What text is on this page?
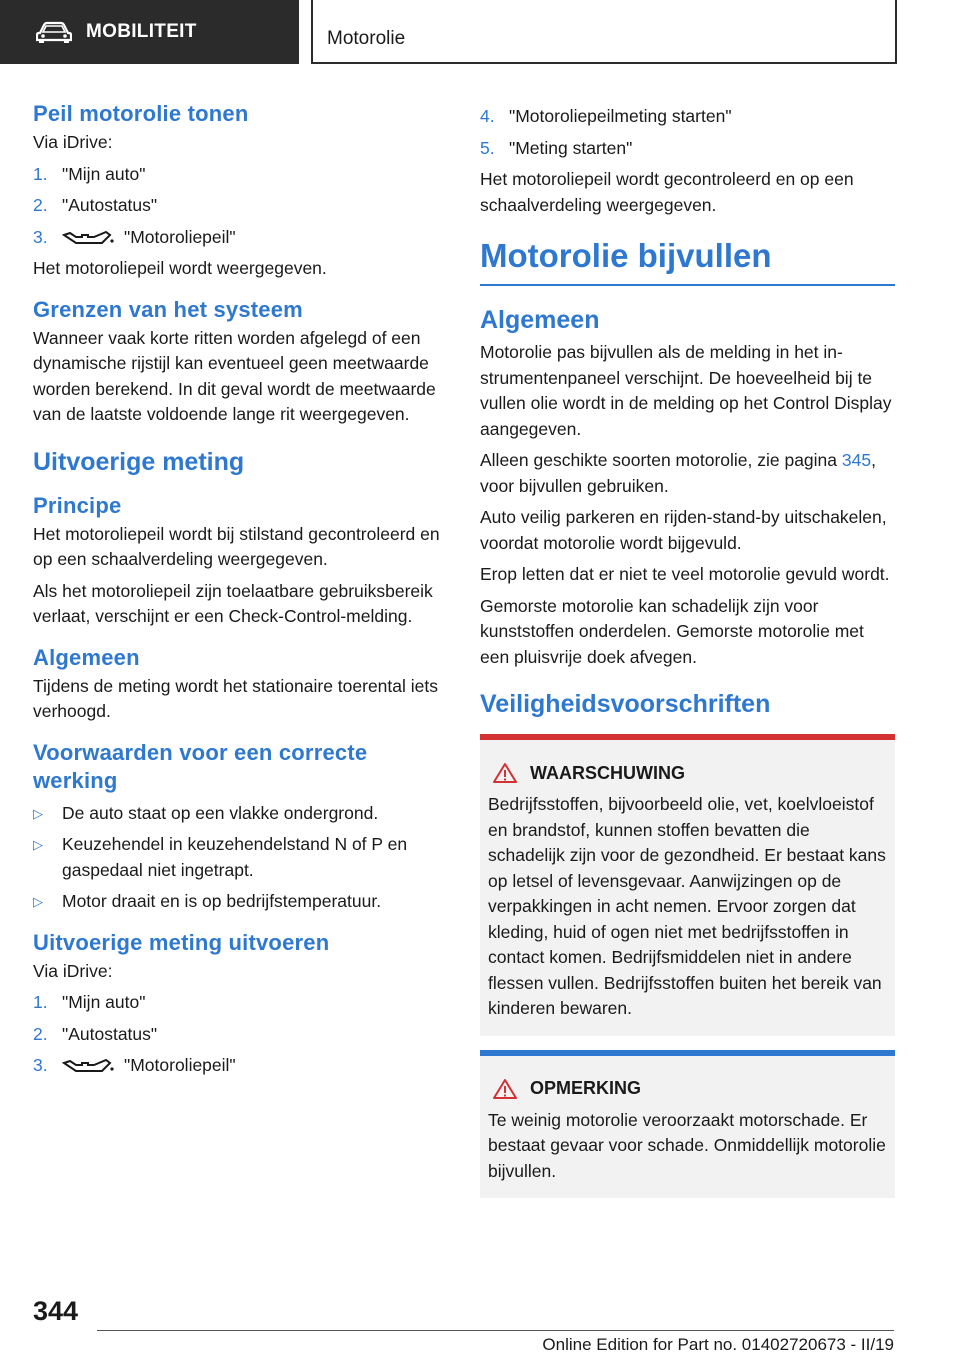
MOBILITEIT	Motorolie
Peil motorolie tonen

Via iDrive:

1. "Mijn auto"
2. "Autostatus"
3.	"Motoroliepeil"

Het motoroliepeil wordt weergegeven.

Grenzen van het systeem

Wanneer vaak korte ritten worden afgelegd of een dynamische rijstijl kan eventueel geen meetwaarde worden berekend. In dit geval wordt de meetwaarde van de laatste voldoende lange rit weergegeven.

Uitvoerige meting
Principe

Het motoroliepeil wordt bij stilstand gecontroleerd en op een schaalverdeling weergegeven.

Als het motoroliepeil zijn toelaatbare gebruiksbereik verlaat, verschijnt er een Check-Control-melding.

Algemeen

Tijdens de meting wordt het stationaire toerental iets verhoogd.

Voorwaarden voor een correcte werking
▷ De auto staat op een vlakke ondergrond.
▷ Keuzehendel in keuzehendelstand N of P en gaspedaal niet ingetrapt.
▷ Motor draait en is op bedrijfstemperatuur.
Uitvoerige meting uitvoeren

Via iDrive:

1. "Mijn auto"
2. "Autostatus"
3.	"Motoroliepeil"
4. "Motoroliepeilmeting starten"
5. "Meting starten"

Het motoroliepeil wordt gecontroleerd en op een schaalverdeling weergegeven.

Motorolie bijvullen
Algemeen

Motorolie pas bijvullen als de melding in het instrumentenpaneel verschijnt. De hoeveelheid bij te vullen olie wordt in de melding op het Control Display aangegeven.

Alleen geschikte soorten motorolie, zie pagina 345, voor bijvullen gebruiken.

Auto veilig parkeren en rijden-stand-by uitschakelen, voordat motorolie wordt bijgevuld.

Erop letten dat er niet te veel motorolie gevuld wordt.

Gemorste motorolie kan schadelijk zijn voor kunststoffen onderdelen. Gemorste motorolie met een pluisvrije doek afvegen.

Veiligheidsvoorschriften
WAARSCHUWING

Bedrijfsstoffen, bijvoorbeeld olie, vet, koelvloeistof en brandstof, kunnen stoffen bevatten die schadelijk zijn voor de gezondheid. Er bestaat kans op letsel of levensgevaar. Aanwijzingen op de verpakkingen in acht nemen. Ervoor zorgen dat kleding, huid of ogen niet met bedrijfsstoffen in contact komen. Bedrijfsmiddelen niet in andere flessen vullen. Bedrijfsstoffen buiten het bereik van kinderen bewaren.

OPMERKING

Te weinig motorolie veroorzaakt motorschade. Er bestaat gevaar voor schade. Onmiddellijk motorolie bijvullen.

344
Online Edition for Part no. 01402720673 - II/19
